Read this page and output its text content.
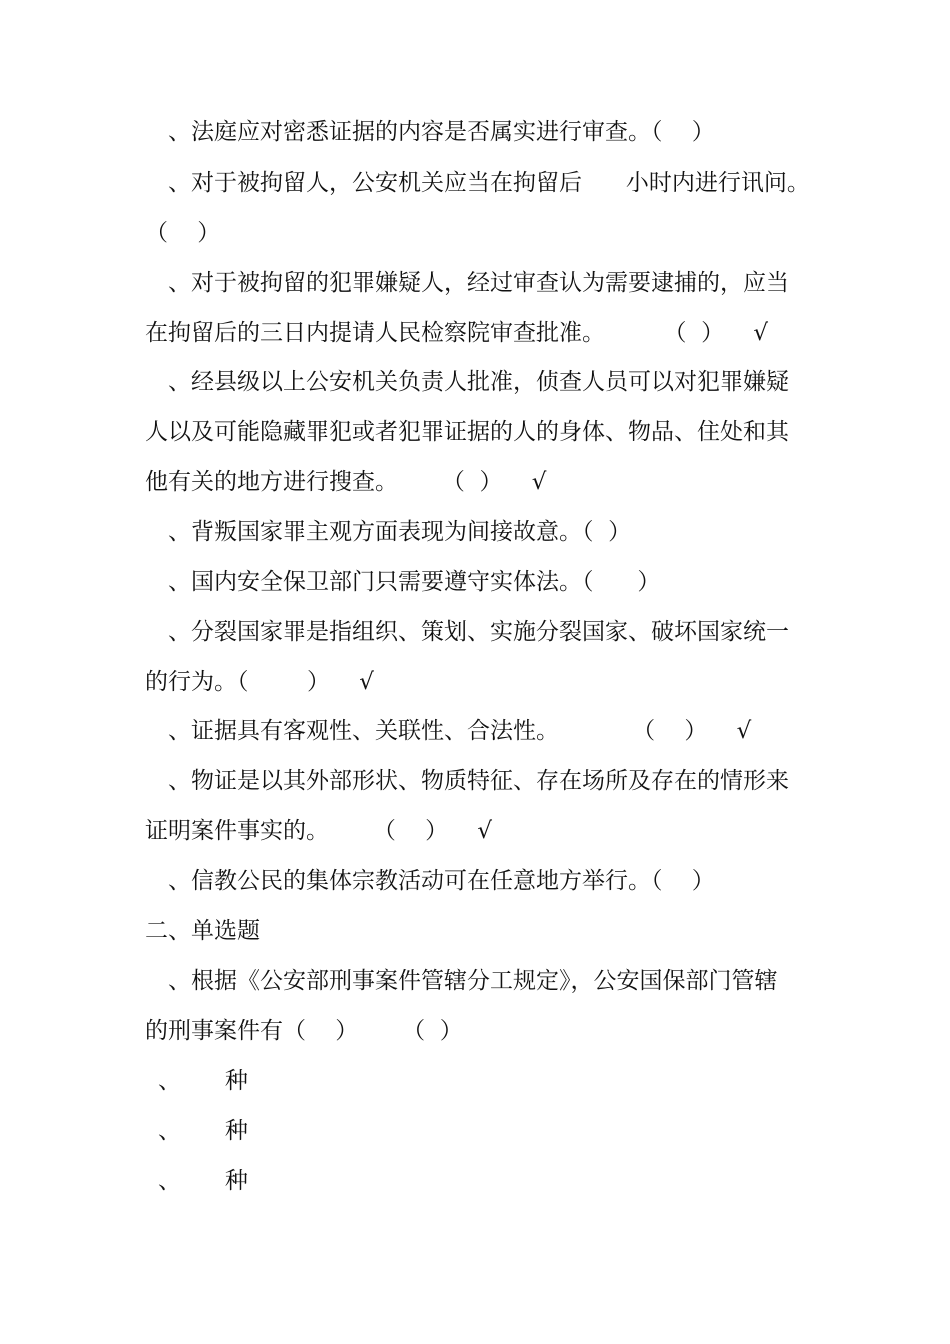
、法庭应对密悉证据的内容是否属实进行审查。（    ）
、对于被拘留人，公安机关应当在拘留后      小时内进行讯问。
（    ）
、对于被拘留的犯罪嫌疑人，经过审查认为需要逮捕的，应当
在拘留后的三日内提请人民检察院审查批准。        （  ）    √
、经县级以上公安机关负责人批准，侦查人员可以对犯罪嫌疑
人以及可能隐藏罪犯或者犯罪证据的人的身体、物品、住处和其
他有关的地方进行搜查。      （  ）    √
、背叛国家罪主观方面表现为间接故意。（  ）
、国内安全保卫部门只需要遵守实体法。（      ）
、分裂国家罪是指组织、策划、实施分裂国家、破坏国家统一
的行为。（        ）    √
、证据具有客观性、关联性、合法性。          （    ）    √
、物证是以其外部形状、物质特征、存在场所及存在的情形来
证明案件事实的。      （    ）    √
、信教公民的集体宗教活动可在任意地方举行。（    ）
二、单选题
、根据《公安部刑事案件管辖分工规定》，公安国保部门管辖
的刑事案件有（    ）      （  ）
、      种
、      种
、      种
